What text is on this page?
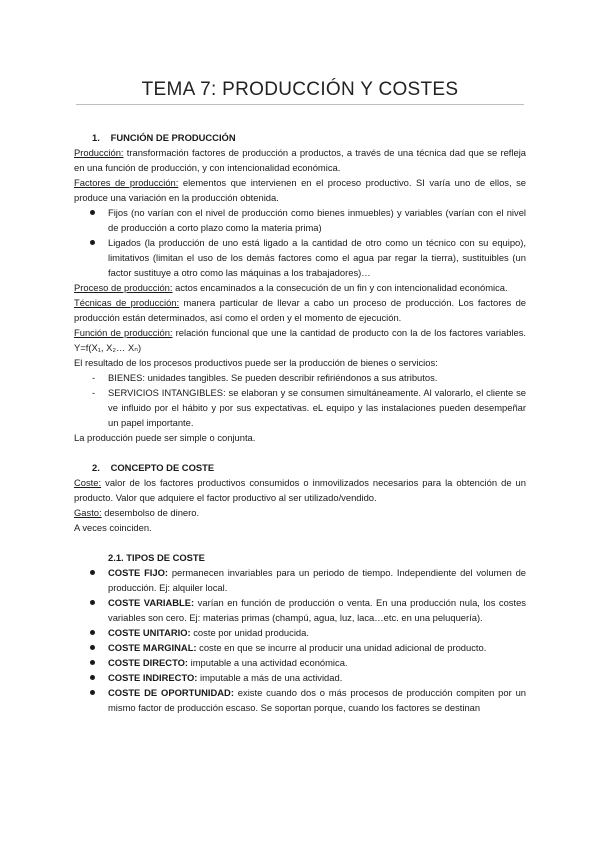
TEMA 7: PRODUCCIÓN Y COSTES

1. FUNCIÓN DE PRODUCCIÓN

Producción: transformación factores de producción a productos, a través de una técnica dad que se refleja en una función de producción, y con intencionalidad económica.

Factores de producción: elementos que intervienen en el proceso productivo. SI varía uno de ellos, se produce una variación en la producción obtenida.

Fijos (no varían con el nivel de producción como bienes inmuebles) y variables (varían con el nivel de producción a corto plazo como la materia prima)
Ligados (la producción de uno está ligado a la cantidad de otro como un técnico con su equipo), limitativos (limitan el uso de los demás factores como el agua par regar la tierra), sustituibles (un factor sustituye a otro como las máquinas a los trabajadores)…

Proceso de producción: actos encaminados a la consecución de un fin y con intencionalidad económica.

Técnicas de producción: manera particular de llevar a cabo un proceso de producción. Los factores de producción están determinados, así como el orden y el momento de ejecución.

Función de producción: relación funcional que une la cantidad de producto con la de los factores variables. Y=f(X₁, X₂… Xₙ)

El resultado de los procesos productivos puede ser la producción de bienes o servicios:

- BIENES: unidades tangibles. Se pueden describir refiriéndonos a sus atributos.
- SERVICIOS INTANGIBLES: se elaboran y se consumen simultáneamente. Al valorarlo, el cliente se ve influido por el hábito y por sus expectativas. eL equipo y las instalaciones pueden desempeñar un papel importante.

La producción puede ser simple o conjunta.

2. CONCEPTO DE COSTE

Coste: valor de los factores productivos consumidos o inmovilizados necesarios para la obtención de un producto. Valor que adquiere el factor productivo al ser utilizado/vendido.

Gasto: desembolso de dinero.

A veces coinciden.

2.1. TIPOS DE COSTE

COSTE FIJO: permanecen invariables para un periodo de tiempo. Independiente del volumen de producción. Ej: alquiler local.
COSTE VARIABLE: varían en función de producción o venta. En una producción nula, los costes variables son cero. Ej: materias primas (champú, agua, luz, laca…etc. en una peluquería).
COSTE UNITARIO: coste por unidad producida.
COSTE MARGINAL: coste en que se incurre al producir una unidad adicional de producto.
COSTE DIRECTO: imputable a una actividad económica.
COSTE INDIRECTO: imputable a más de una actividad.
COSTE DE OPORTUNIDAD: existe cuando dos o más procesos de producción compiten por un mismo factor de producción escaso. Se soportan porque, cuando los factores se destinan
